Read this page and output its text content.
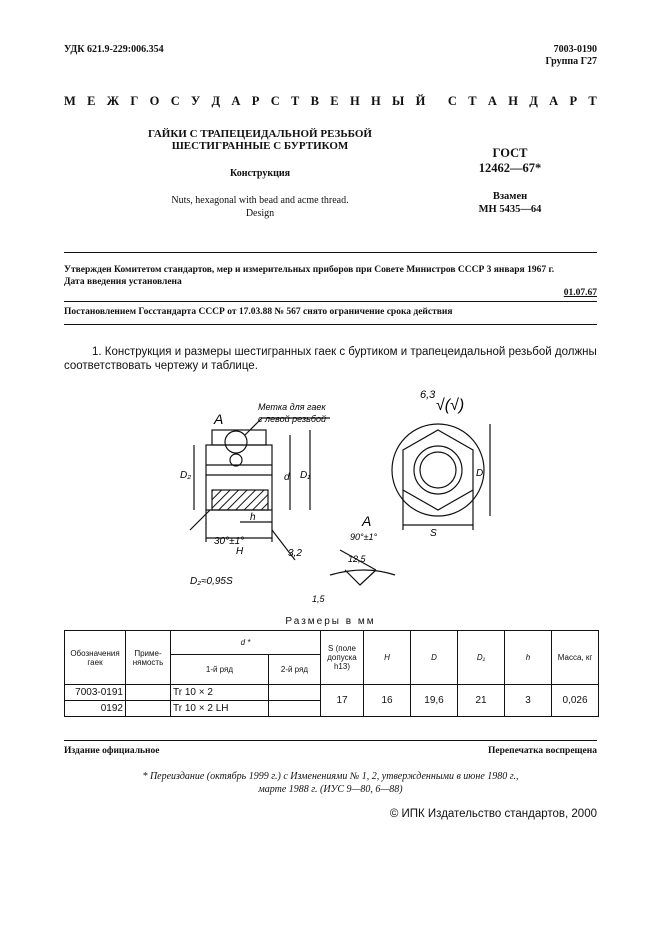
УДК 621.9-229:006.354	7003-0190
Группа Г27
М Е Ж Г О С У Д А Р С Т В Е Н Н Ы Й С Т А Н Д А Р Т
ГАЙКИ С ТРАПЕЦЕИДАЛЬНОЙ РЕЗЬБОЙ
ШЕСТИГРАННЫЕ С БУРТИКОМ
Конструкция
Nuts, hexagonal with bead and acme thread.
Design
ГОСТ
12462—67*
Взамен
МН 5435—64
Утвержден Комитетом стандартов, мер и измерительных приборов при Совете Министров СССР 3 января 1967 г.
Дата введения установлена
01.07.67
Постановлением Госстандарта СССР от 17.03.88 № 567 снято ограничение срока действия
1. Конструкция и размеры шестигранных гаек с буртиком и трапецеидальной резьбой должны соответствовать чертежу и таблице.
А
Метка для гаек
с левой резьбой
D₂	d D₁
h
30°±1°
H	3,2
D₂≈0,95S
6,3
√(√)
D
S
А
90°±1°
12,5
1,5
Размеры в мм
Обозначения гаек	Приме-нямость	d *		S (поле допуска h13)	H	D	D₁	h	Масса, кг
		1-й ряд	2-й ряд						
7003-0191		Tr 10 × 2		17	16	19,6	21	3	0,026
0192		Tr 10 × 2 LH							
Издание официальное	Перепечатка воспрещена
* Переиздание (октябрь 1999 г.) с Изменениями № 1, 2, утвержденными в июне 1980 г.,
марте 1988 г. (ИУС 9—80, 6—88)
© ИПК Издательство стандартов, 2000
